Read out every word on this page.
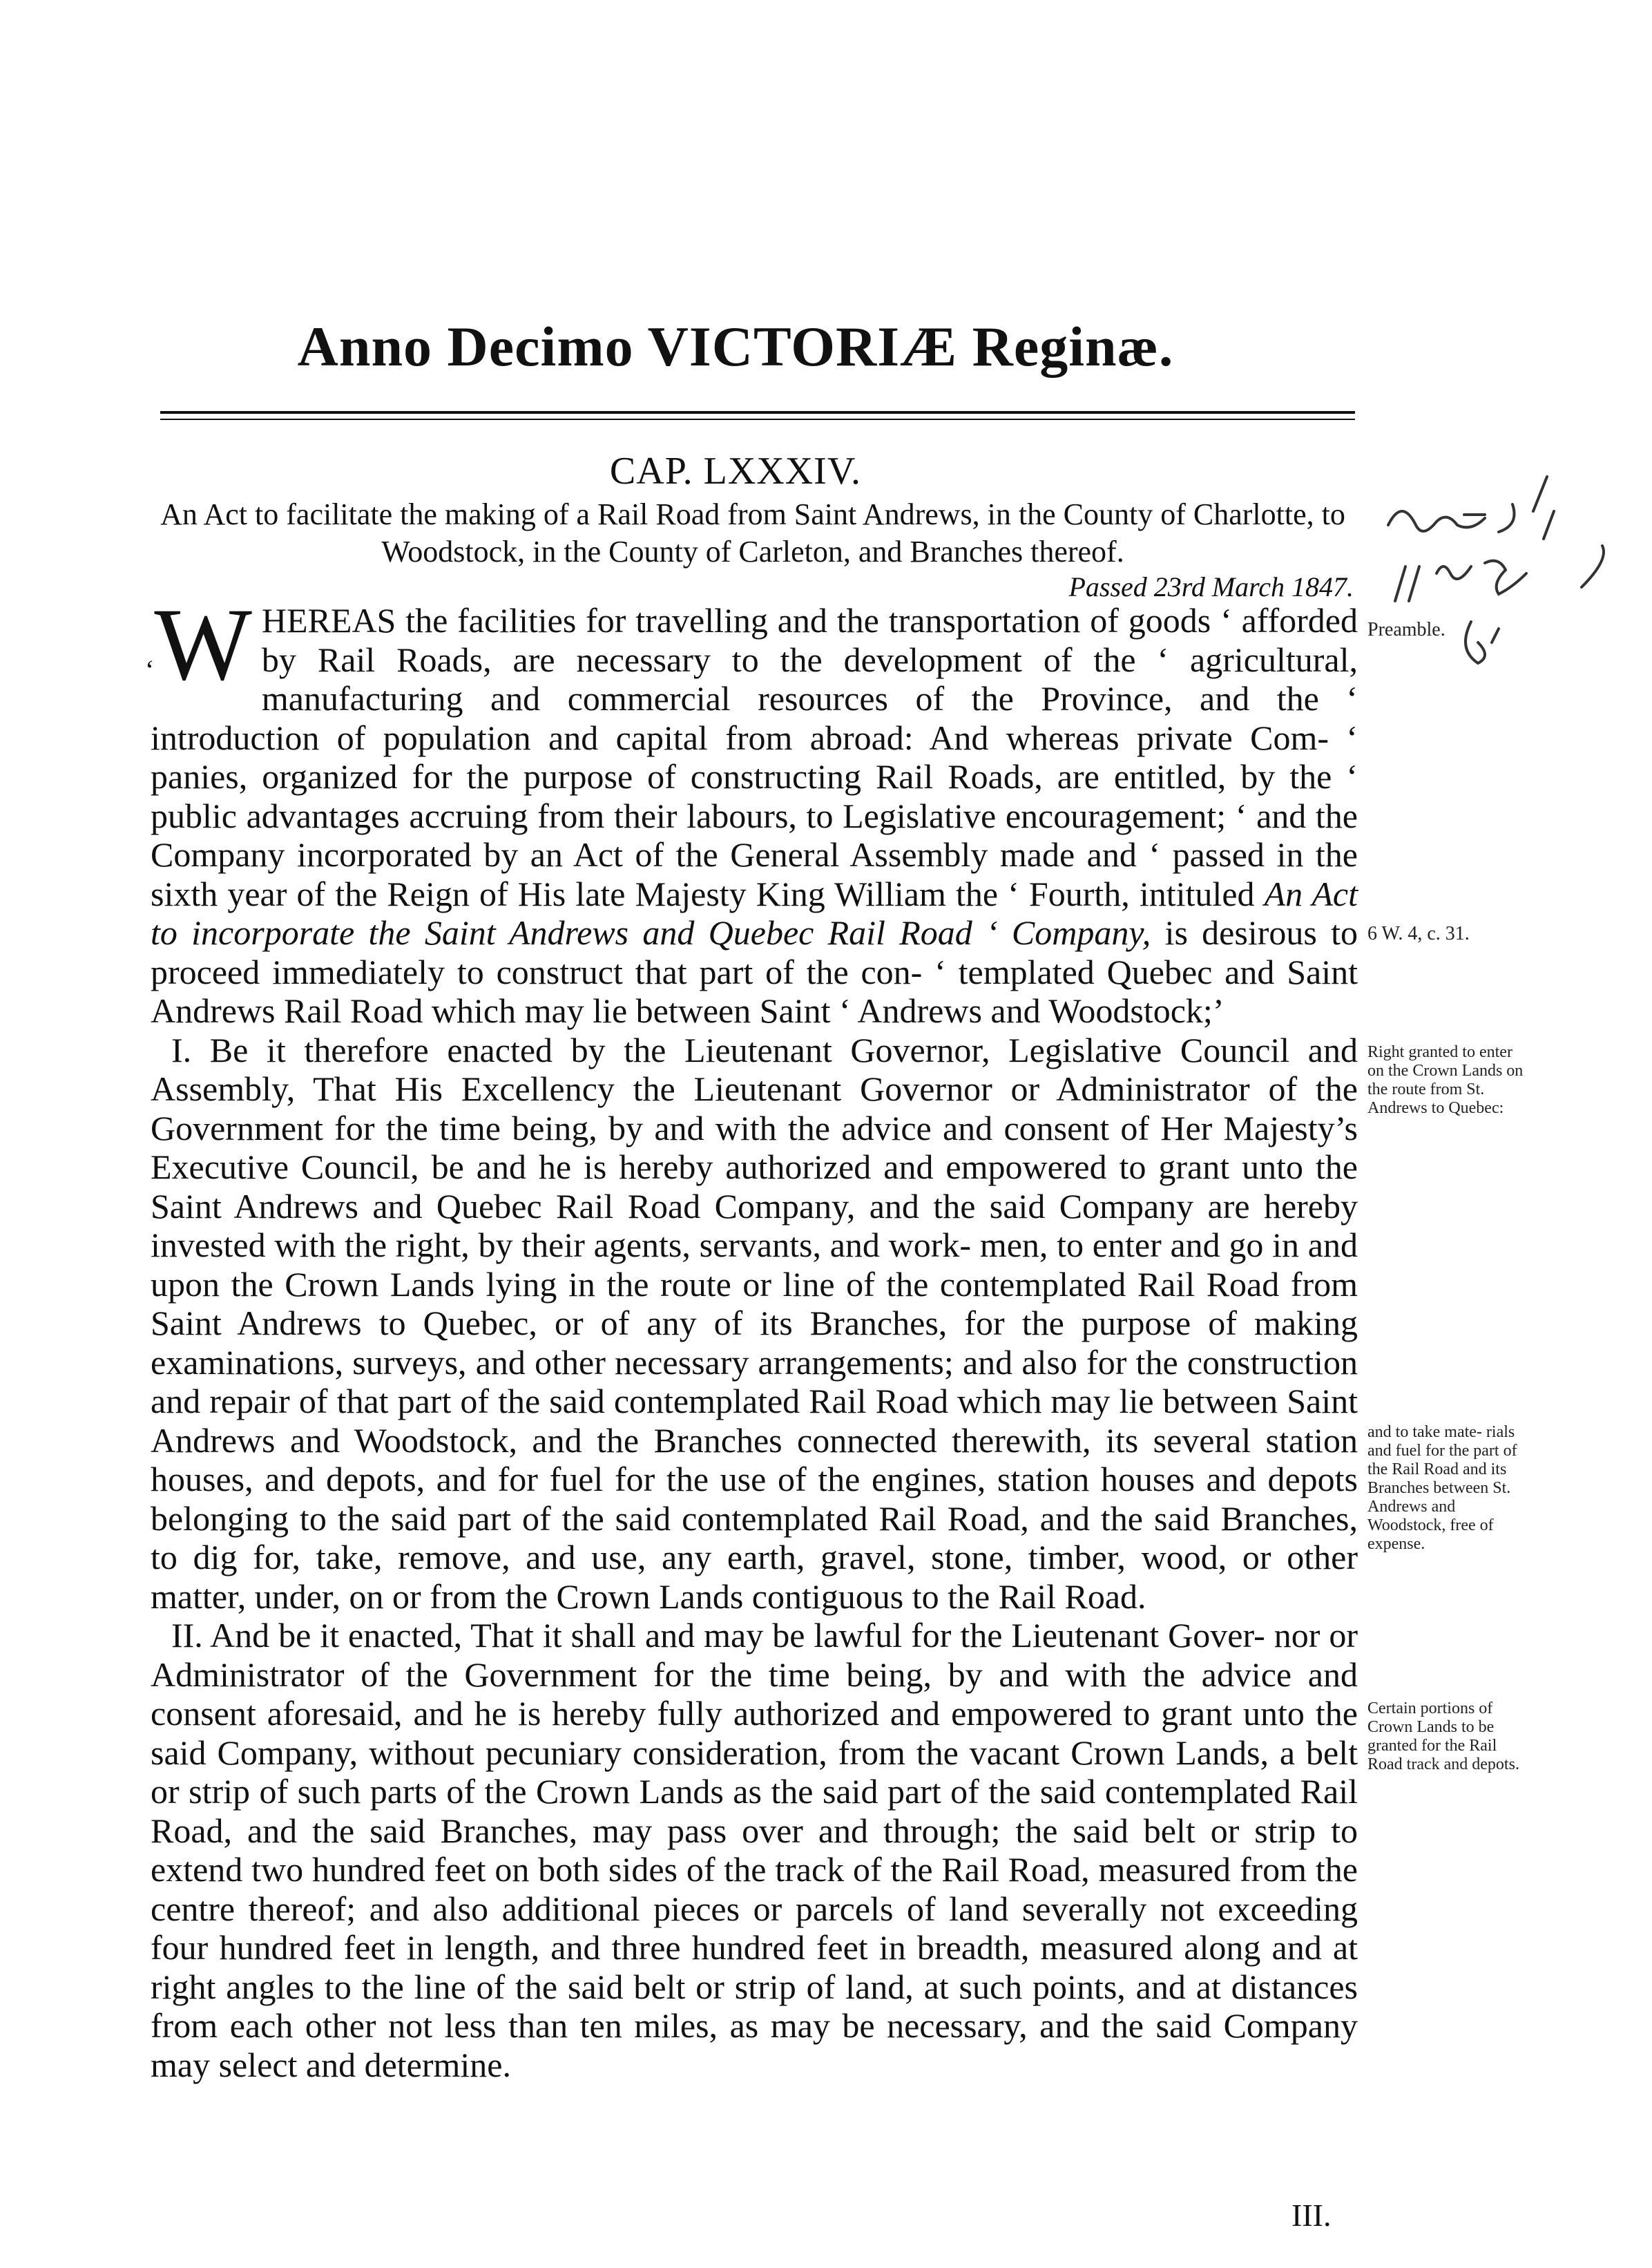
Anno Decimo VICTORIÆ Reginæ.
CAP. LXXXIV.
An Act to facilitate the making of a Rail Road from Saint Andrews, in the County of Charlotte, to Woodstock, in the County of Carleton, and Branches thereof.
Passed 23rd March 1847.

‘W HEREAS the facilities for travelling and the transportation of goods ‘ afforded by Rail Roads, are necessary to the development of the ‘ agricultural, manufacturing and commercial resources of the Province, and the ‘ introduction of population and capital from abroad: And whereas private Com- ‘ panies, organized for the purpose of constructing Rail Roads, are entitled, by the ‘ public advantages accruing from their labours, to Legislative encouragement; ‘ and the Company incorporated by an Act of the General Assembly made and ‘ passed in the sixth year of the Reign of His late Majesty King William the ‘ Fourth, intituled An Act to incorporate the Saint Andrews and Quebec Rail Road ‘ Company, is desirous to proceed immediately to construct that part of the con- ‘ templated Quebec and Saint Andrews Rail Road which may lie between Saint ‘ Andrews and Woodstock;’

I. Be it therefore enacted by the Lieutenant Governor, Legislative Council and Assembly, That His Excellency the Lieutenant Governor or Administrator of the Government for the time being, by and with the advice and consent of Her Majesty’s Executive Council, be and he is hereby authorized and empowered to grant unto the Saint Andrews and Quebec Rail Road Company, and the said Company are hereby invested with the right, by their agents, servants, and work- men, to enter and go in and upon the Crown Lands lying in the route or line of the contemplated Rail Road from Saint Andrews to Quebec, or of any of its Branches, for the purpose of making examinations, surveys, and other necessary arrangements; and also for the construction and repair of that part of the said contemplated Rail Road which may lie between Saint Andrews and Woodstock, and the Branches connected therewith, its several station houses, and depots, and for fuel for the use of the engines, station houses and depots belonging to the said part of the said contemplated Rail Road, and the said Branches, to dig for, take, remove, and use, any earth, gravel, stone, timber, wood, or other matter, under, on or from the Crown Lands contiguous to the Rail Road.

II. And be it enacted, That it shall and may be lawful for the Lieutenant Gover- nor or Administrator of the Government for the time being, by and with the advice and consent aforesaid, and he is hereby fully authorized and empowered to grant unto the said Company, without pecuniary consideration, from the vacant Crown Lands, a belt or strip of such parts of the Crown Lands as the said part of the said contemplated Rail Road, and the said Branches, may pass over and through; the said belt or strip to extend two hundred feet on both sides of the track of the Rail Road, measured from the centre thereof; and also additional pieces or parcels of land severally not exceeding four hundred feet in length, and three hundred feet in breadth, measured along and at right angles to the line of the said belt or strip of land, at such points, and at distances from each other not less than ten miles, as may be necessary, and the said Company may select and determine.

Preamble.
6 W. 4, c. 31.
Right granted to enter on the Crown Lands on the route from St. Andrews to Quebec:
and to take mate- rials and fuel for the part of the Rail Road and its Branches between St. Andrews and Woodstock, free of expense.
Certain portions of Crown Lands to be granted for the Rail Road track and depots.
III.
